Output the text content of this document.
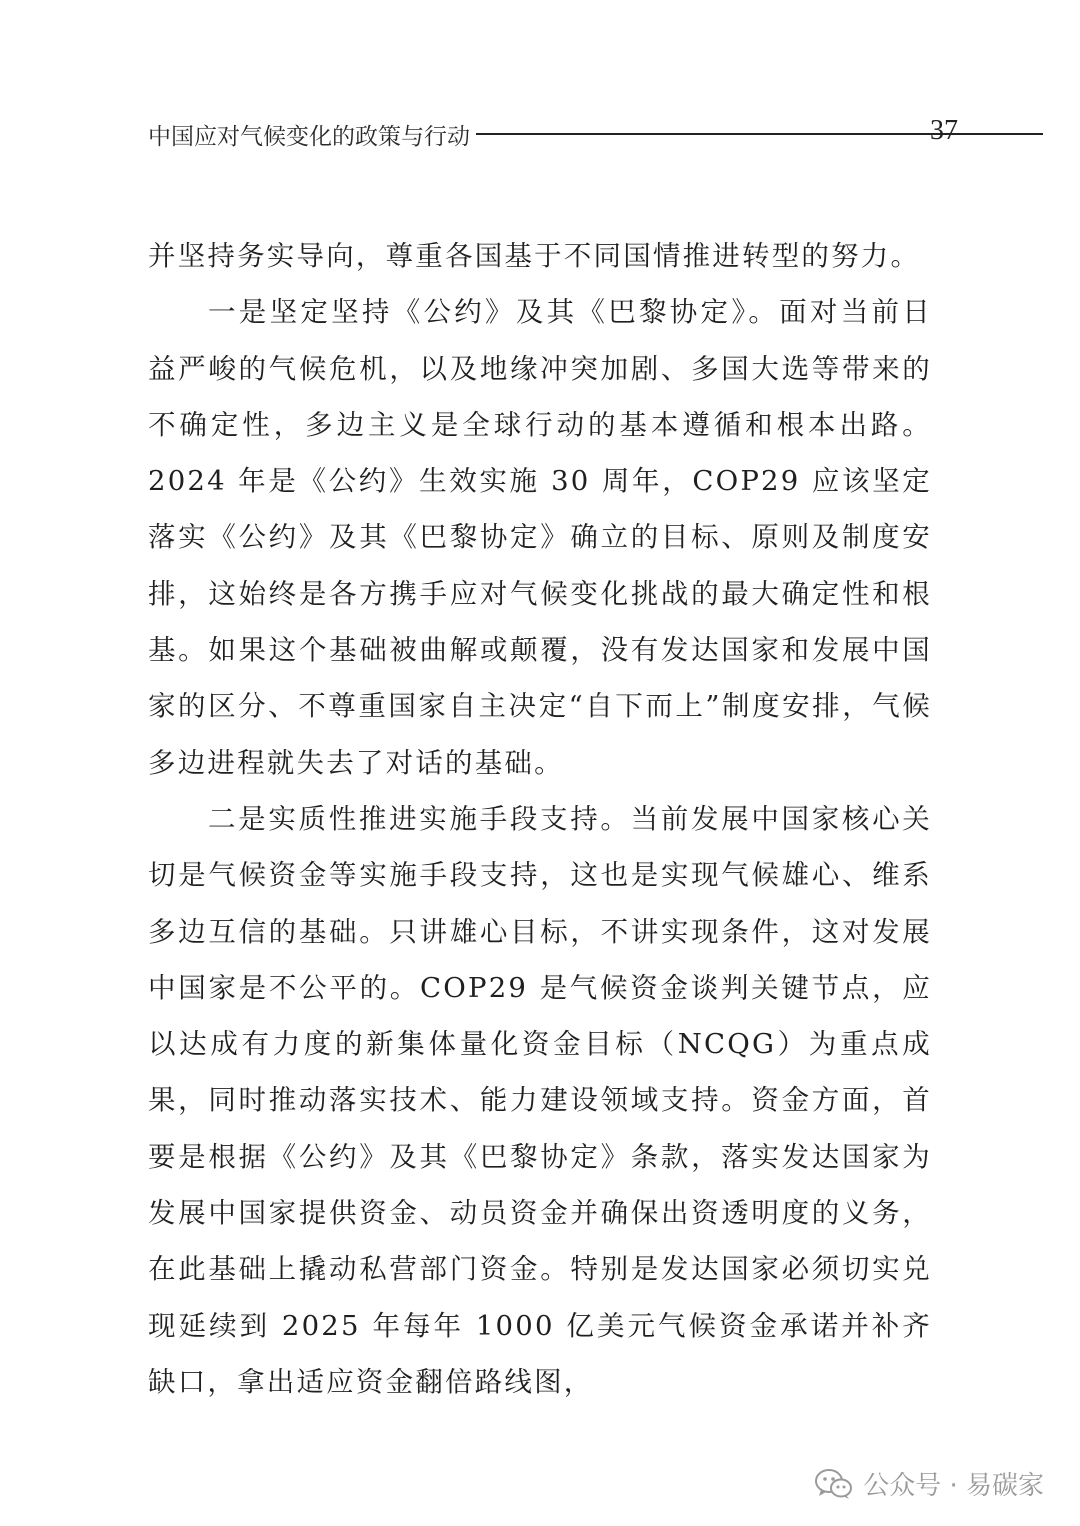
中国应对气候变化的政策与行动	37

并坚持务实导向，尊重各国基于不同国情推进转型的努力。

一是坚定坚持《公约》及其《巴黎协定》。面对当前日益严峻的气候危机，以及地缘冲突加剧、多国大选等带来的不确定性，多边主义是全球行动的基本遵循和根本出路。2024 年是《公约》生效实施 30 周年，COP29 应该坚定落实《公约》及其《巴黎协定》确立的目标、原则及制度安排，这始终是各方携手应对气候变化挑战的最大确定性和根基。如果这个基础被曲解或颠覆，没有发达国家和发展中国家的区分、不尊重国家自主决定“自下而上”制度安排，气候多边进程就失去了对话的基础。

二是实质性推进实施手段支持。当前发展中国家核心关切是气候资金等实施手段支持，这也是实现气候雄心、维系多边互信的基础。只讲雄心目标，不讲实现条件，这对发展中国家是不公平的。COP29 是气候资金谈判关键节点，应以达成有力度的新集体量化资金目标（NCQG）为重点成果，同时推动落实技术、能力建设领域支持。资金方面，首要是根据《公约》及其《巴黎协定》条款，落实发达国家为发展中国家提供资金、动员资金并确保出资透明度的义务，在此基础上撬动私营部门资金。特别是发达国家必须切实兑现延续到 2025 年每年 1000 亿美元气候资金承诺并补齐缺口，拿出适应资金翻倍路线图，

公众号 · 易碳家
